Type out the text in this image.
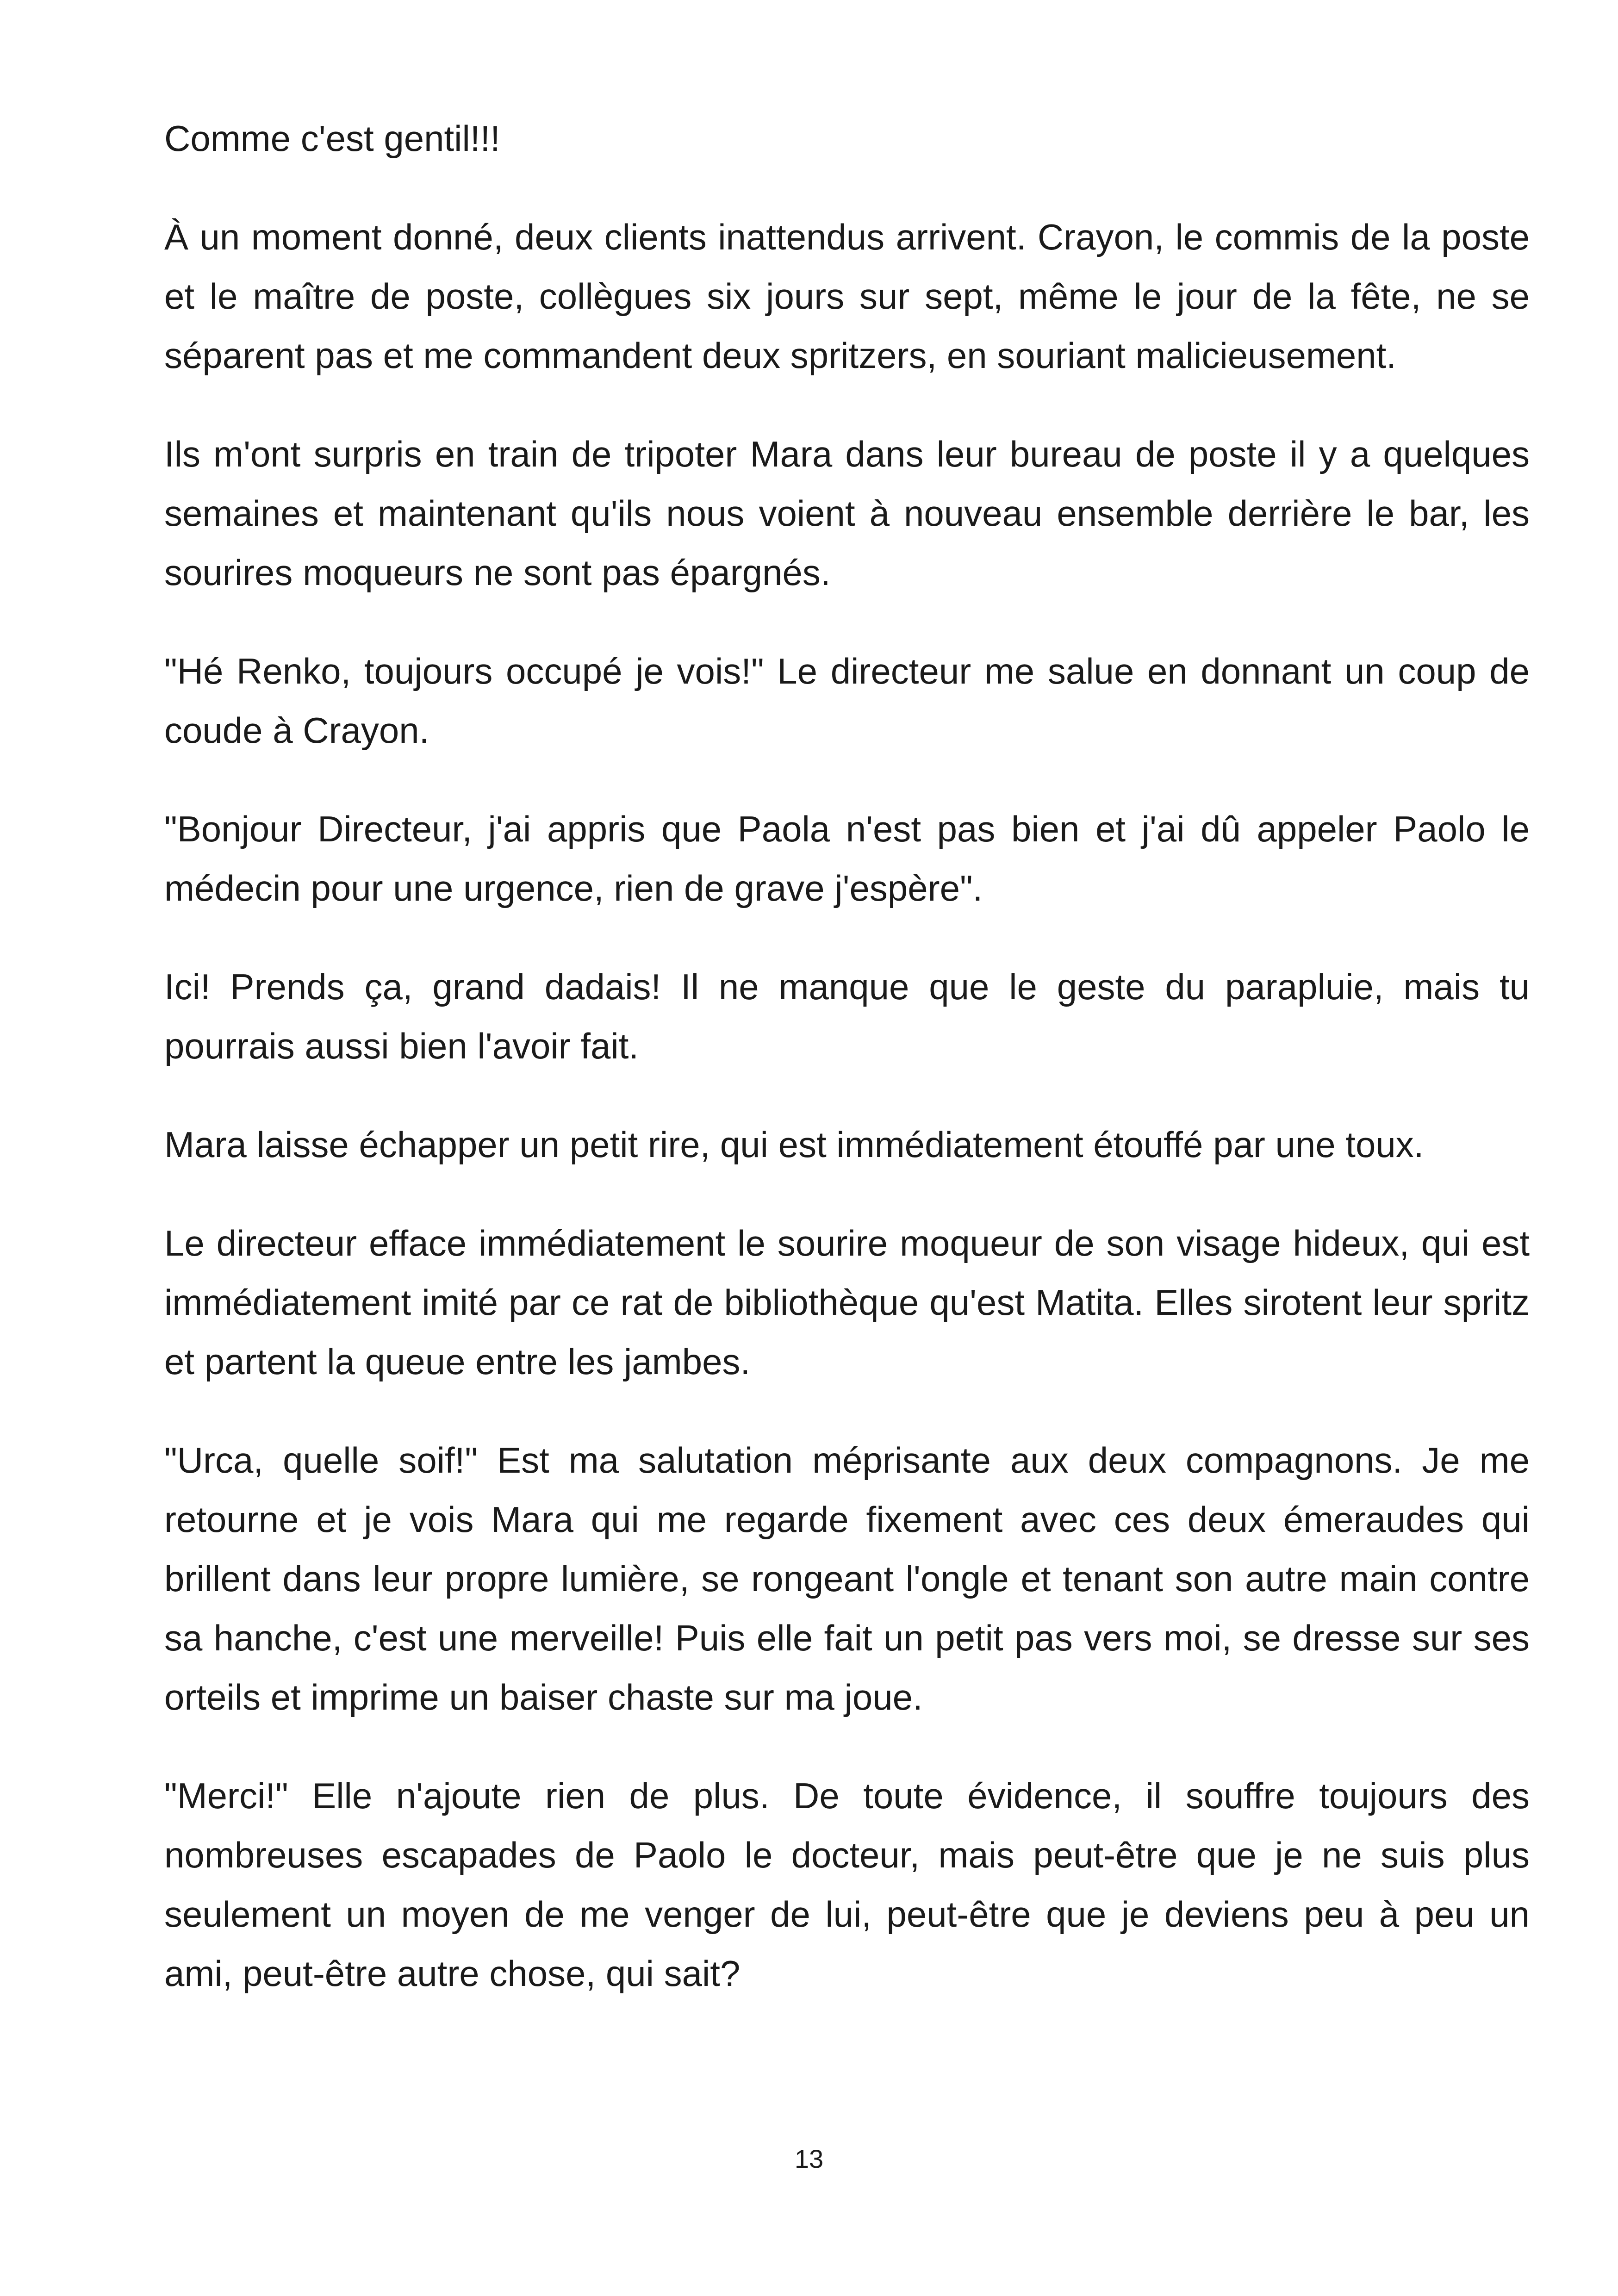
Comme c'est gentil!!!

À un moment donné, deux clients inattendus arrivent. Crayon, le commis de la poste et le maître de poste, collègues six jours sur sept, même le jour de la fête, ne se séparent pas et me commandent deux spritzers, en souriant malicieusement.

Ils m'ont surpris en train de tripoter Mara dans leur bureau de poste il y a quelques semaines et maintenant qu'ils nous voient à nouveau ensemble derrière le bar, les sourires moqueurs ne sont pas épargnés.

"Hé Renko, toujours occupé je vois!" Le directeur me salue en donnant un coup de coude à Crayon.

"Bonjour Directeur, j'ai appris que Paola n'est pas bien et j'ai dû appeler Paolo le médecin pour une urgence, rien de grave j'espère".

Ici! Prends ça, grand dadais! Il ne manque que le geste du parapluie, mais tu pourrais aussi bien l'avoir fait.

Mara laisse échapper un petit rire, qui est immédiatement étouffé par une toux.

Le directeur efface immédiatement le sourire moqueur de son visage hideux, qui est immédiatement imité par ce rat de bibliothèque qu'est Matita. Elles sirotent leur spritz et partent la queue entre les jambes.

"Urca, quelle soif!" Est ma salutation méprisante aux deux compagnons. Je me retourne et je vois Mara qui me regarde fixement avec ces deux émeraudes qui brillent dans leur propre lumière, se rongeant l'ongle et tenant son autre main contre sa hanche, c'est une merveille! Puis elle fait un petit pas vers moi, se dresse sur ses orteils et imprime un baiser chaste sur ma joue.

"Merci!" Elle n'ajoute rien de plus. De toute évidence, il souffre toujours des nombreuses escapades de Paolo le docteur, mais peut-être que je ne suis plus seulement un moyen de me venger de lui, peut-être que je deviens peu à peu un ami, peut-être autre chose, qui sait?

13
